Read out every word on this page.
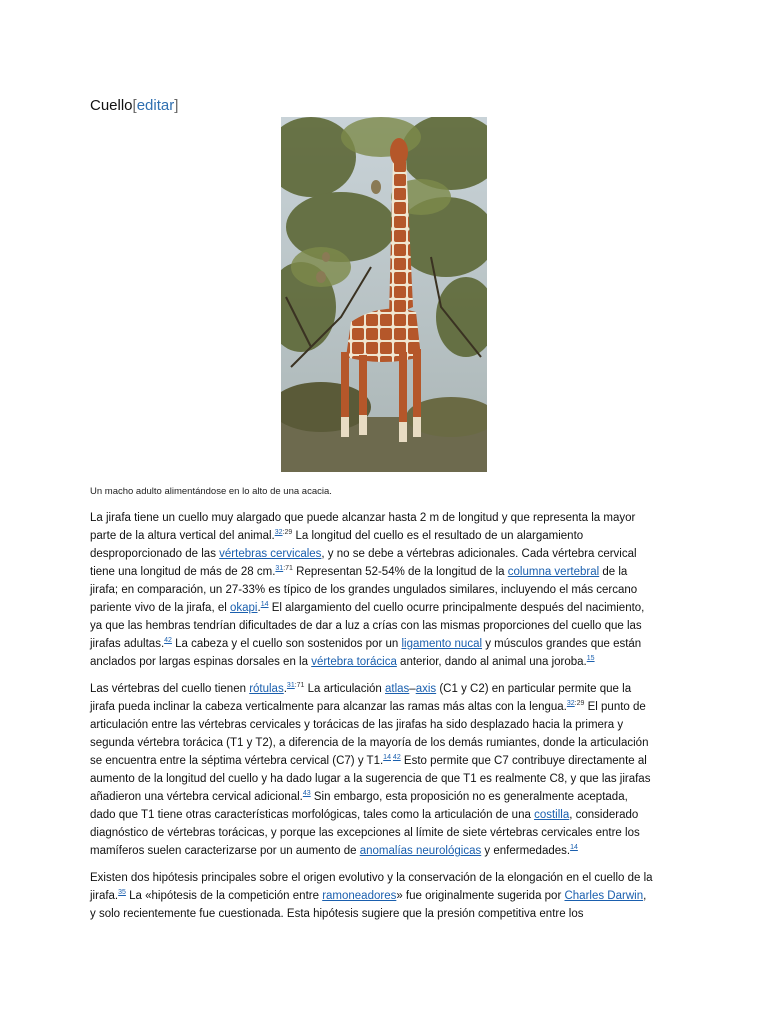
Cuello[editar]
Un macho adulto alimentándose en lo alto de una acacia.
La jirafa tiene un cuello muy alargado que puede alcanzar hasta 2 m de longitud y que representa la mayor
parte de la altura vertical del animal.$^{32:29}$ La longitud del cuello es el resultado de un alargamiento
desproporcionado de las vértebras cervicales, y no se debe a vértebras adicionales. Cada vértebra cervical
tiene una longitud de más de 28 cm.$^{31:71}$ Representan 52-54% de la longitud de la columna vertebral de la
jirafa; en comparación, un 27-33% es típico de los grandes ungulados similares, incluyendo el más cercano
pariente vivo de la jirafa, el okapi.$^{14}$ El alargamiento del cuello ocurre principalmente después del nacimiento,
ya que las hembras tendrían dificultades de dar a luz a crías con las mismas proporciones del cuello que las
jirafas adultas.$^{42}$ La cabeza y el cuello son sostenidos por un ligamento nucal y músculos grandes que están
anclados por largas espinas dorsales en la vértebra torácica anterior, dando al animal una joroba.$^{15}$
Las vértebras del cuello tienen rótulas.$^{31:71}$ La articulación atlas–axis (C1 y C2) en particular permite que la
jirafa pueda inclinar la cabeza verticalmente para alcanzar las ramas más altas con la lengua.$^{32:29}$ El punto de
articulación entre las vértebras cervicales y torácicas de las jirafas ha sido desplazado hacia la primera y
segunda vértebra torácica (T1 y T2), a diferencia de la mayoría de los demás rumiantes, donde la articulación
se encuentra entre la séptima vértebra cervical (C7) y T1.$^{14 42}$ Esto permite que C7 contribuye directamente al
aumento de la longitud del cuello y ha dado lugar a la sugerencia de que T1 es realmente C8, y que las jirafas
añadieron una vértebra cervical adicional.$^{43}$ Sin embargo, esta proposición no es generalmente aceptada,
dado que T1 tiene otras características morfológicas, tales como la articulación de una costilla, considerado
diagnóstico de vértebras torácicas, y porque las excepciones al límite de siete vértebras cervicales entre los
mamíferos suelen caracterizarse por un aumento de anomalías neurológicas y enfermedades.$^{14}$
Existen dos hipótesis principales sobre el origen evolutivo y la conservación de la elongación en el cuello de la
jirafa.$^{35}$ La «hipótesis de la competición entre ramoneadores» fue originalmente sugerida por Charles Darwin,
y solo recientemente fue cuestionada. Esta hipótesis sugiere que la presión competitiva entre los
